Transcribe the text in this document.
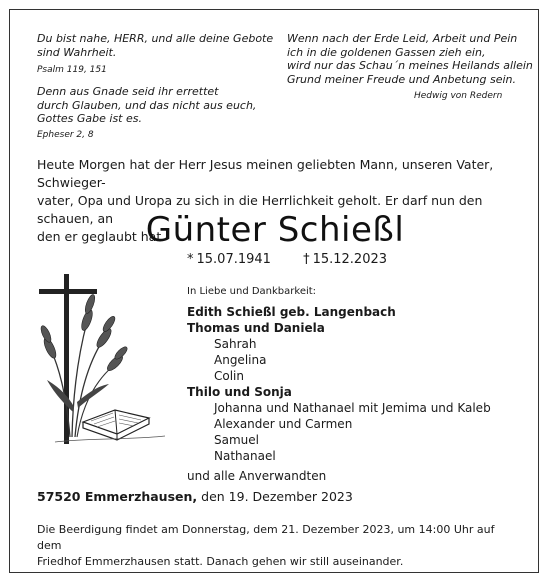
Du bist nahe, HERR, und alle deine Gebote
sind Wahrheit.
Psalm 119, 151
Denn aus Gnade seid ihr errettet
durch Glauben, und das nicht aus euch,
Gottes Gabe ist es.
Epheser 2, 8
Wenn nach der Erde Leid, Arbeit und Pein
ich in die goldenen Gassen zieh ein,
wird nur das Schau´n meines Heilands allein
Grund meiner Freude und Anbetung sein.
Hedwig von Redern
Heute Morgen hat der Herr Jesus meinen geliebten Mann, unseren Vater, Schwieger-
vater, Opa und Uropa zu sich in die Herrlichkeit geholt. Er darf nun den schauen, an
den er geglaubt hat
Günter Schießl
* 15.07.1941 † 15.12.2023
In Liebe und Dankbarkeit:
Edith Schießl geb. Langenbach
Thomas und Daniela
Sahrah
Angelina
Colin
Thilo und Sonja
Johanna und Nathanael mit Jemima und Kaleb
Alexander und Carmen
Samuel
Nathanael
und alle Anverwandten
57520 Emmerzhausen, den 19. Dezember 2023
Die Beerdigung findet am Donnerstag, dem 21. Dezember 2023, um 14:00 Uhr auf dem
Friedhof Emmerzhausen statt. Danach gehen wir still auseinander.
